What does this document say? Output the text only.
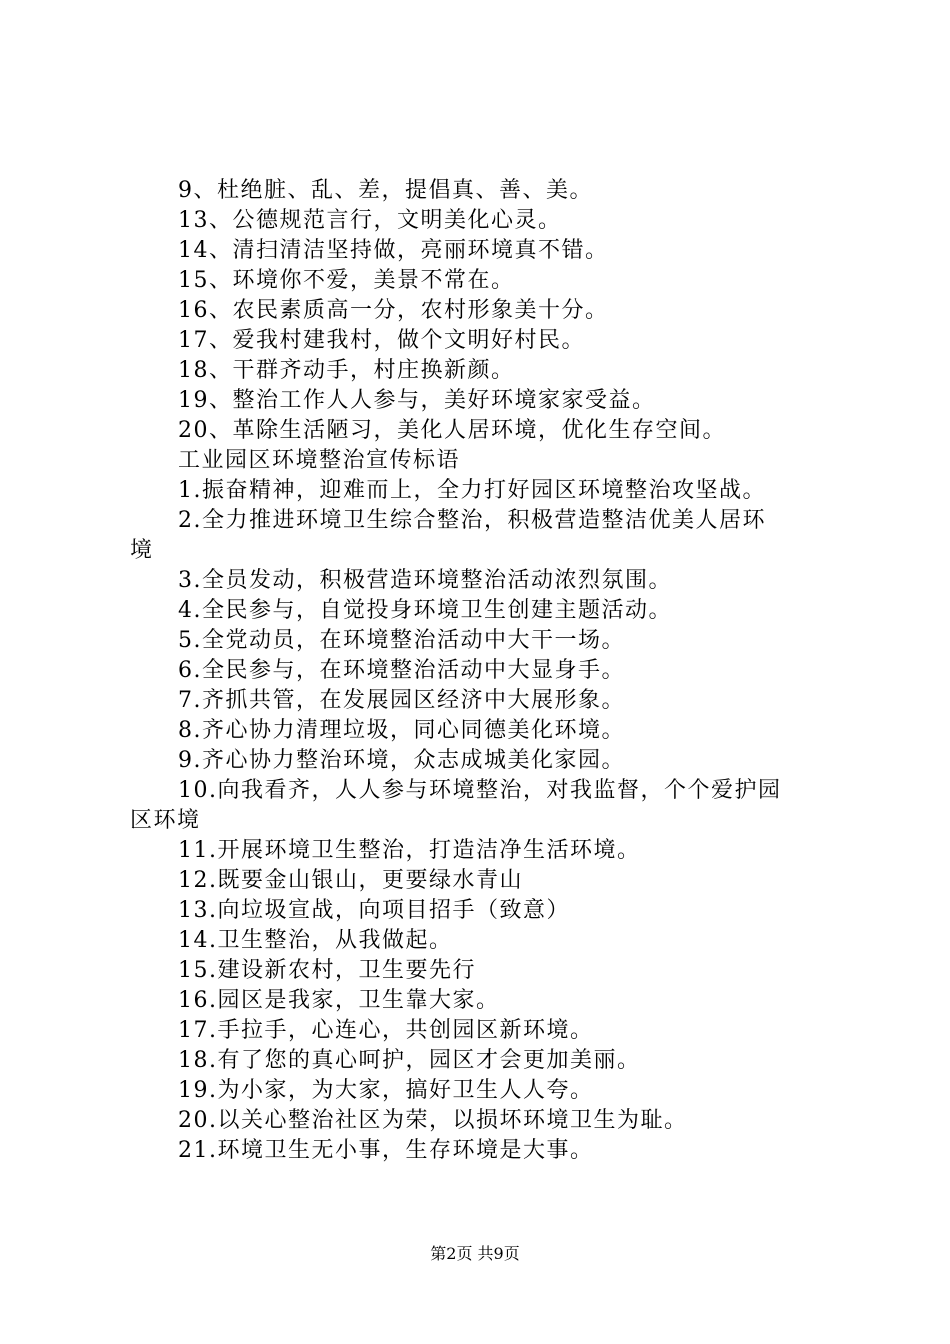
9、杜绝脏、乱、差，提倡真、善、美。
13、公德规范言行，文明美化心灵。
14、清扫清洁坚持做，亮丽环境真不错。
15、环境你不爱，美景不常在。
16、农民素质高一分，农村形象美十分。
17、爱我村建我村，做个文明好村民。
18、干群齐动手，村庄换新颜。
19、整治工作人人参与，美好环境家家受益。
20、革除生活陋习，美化人居环境，优化生存空间。
工业园区环境整治宣传标语
1.振奋精神，迎难而上，全力打好园区环境整治攻坚战。
2.全力推进环境卫生综合整治，积极营造整洁优美人居环
境
3.全员发动，积极营造环境整治活动浓烈氛围。
4.全民参与，自觉投身环境卫生创建主题活动。
5.全党动员，在环境整治活动中大干一场。
6.全民参与，在环境整治活动中大显身手。
7.齐抓共管，在发展园区经济中大展形象。
8.齐心协力清理垃圾，同心同德美化环境。
9.齐心协力整治环境，众志成城美化家园。
10.向我看齐，人人参与环境整治，对我监督，个个爱护园
区环境
11.开展环境卫生整治，打造洁净生活环境。
12.既要金山银山，更要绿水青山
13.向垃圾宣战，向项目招手（致意）
14.卫生整治，从我做起。
15.建设新农村，卫生要先行
16.园区是我家，卫生靠大家。
17.手拉手，心连心，共创园区新环境。
18.有了您的真心呵护，园区才会更加美丽。
19.为小家，为大家，搞好卫生人人夸。
20.以关心整治社区为荣，以损坏环境卫生为耻。
21.环境卫生无小事，生存环境是大事。
第2页 共9页
